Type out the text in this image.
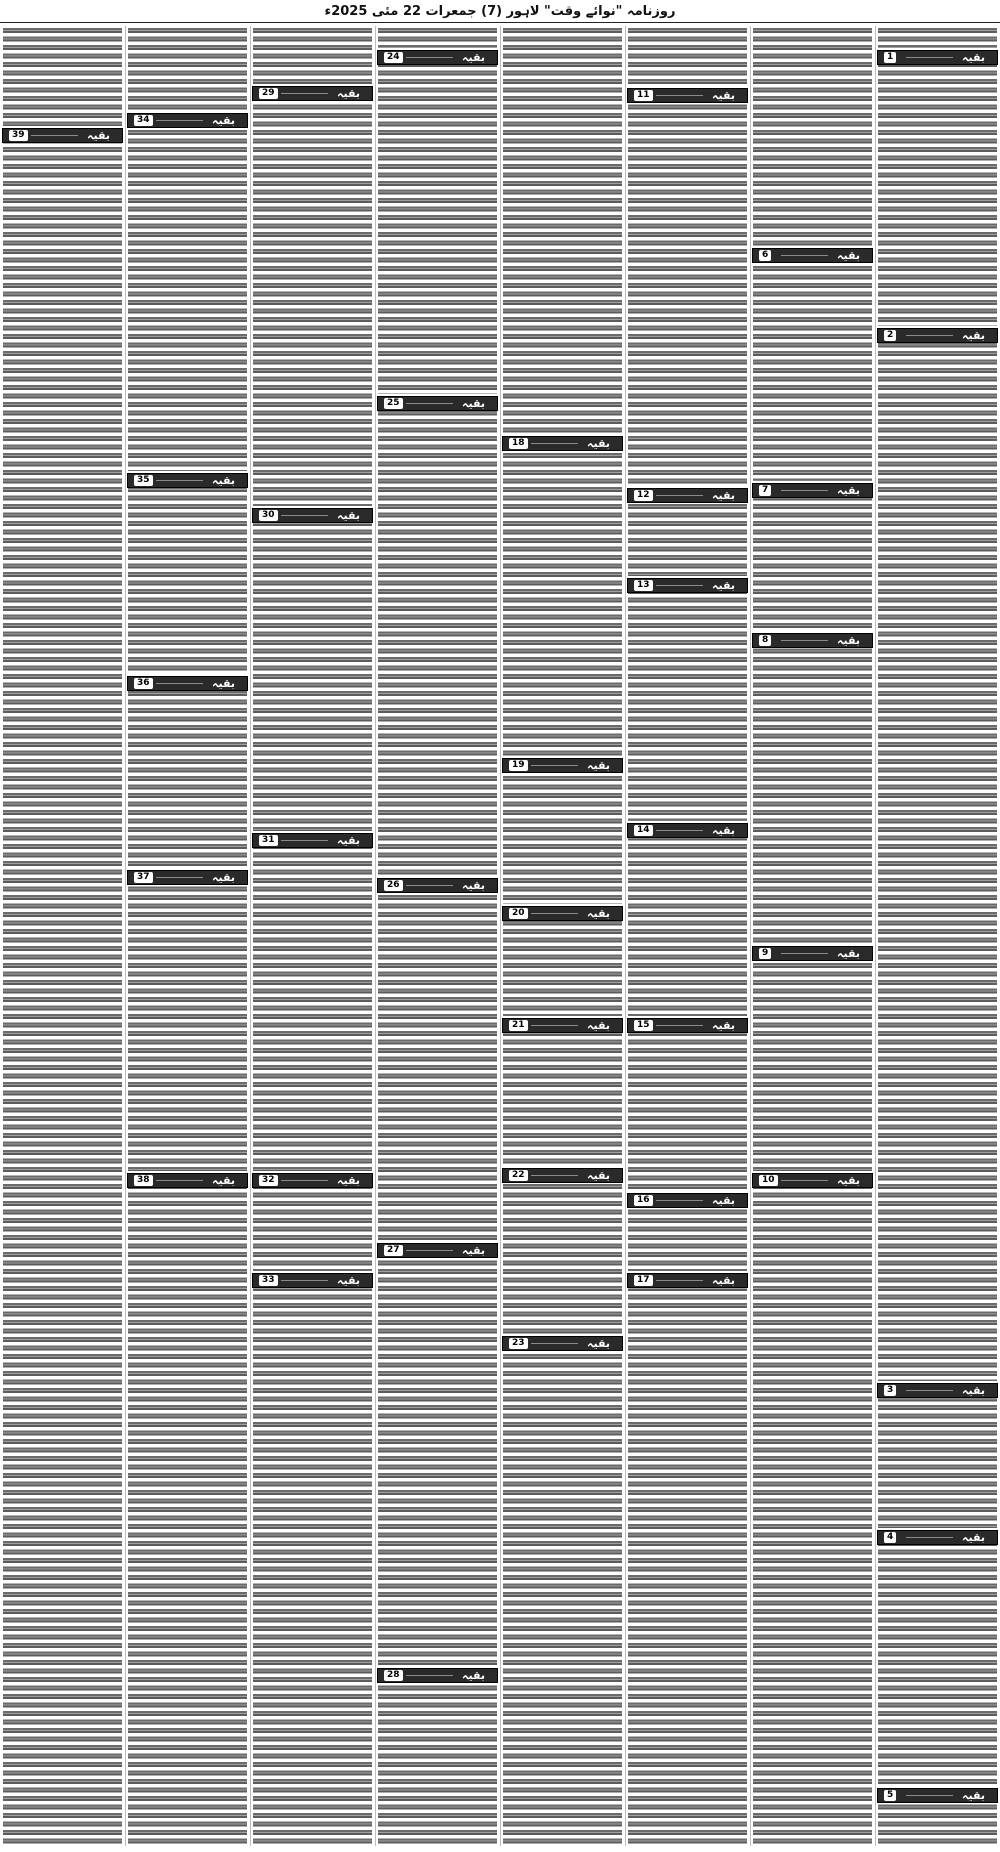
روزنامہ "نوائے وقت" لاہور (7) جمعرات 22 مئی 2025ء
بقیہ
1
بقیہ
2
بقیہ
3
بقیہ
4
بقیہ
5
بقیہ
6
بقیہ
7
بقیہ
8
بقیہ
9
بقیہ
10
بقیہ
11
بقیہ
12
بقیہ
13
بقیہ
14
بقیہ
15
بقیہ
16
بقیہ
17
بقیہ
18
بقیہ
19
بقیہ
20
بقیہ
21
بقیہ
22
بقیہ
23
بقیہ
24
بقیہ
25
بقیہ
26
بقیہ
27
بقیہ
28
بقیہ
29
بقیہ
30
بقیہ
31
بقیہ
32
بقیہ
33
بقیہ
34
بقیہ
35
بقیہ
36
بقیہ
37
بقیہ
38
بقیہ
39
